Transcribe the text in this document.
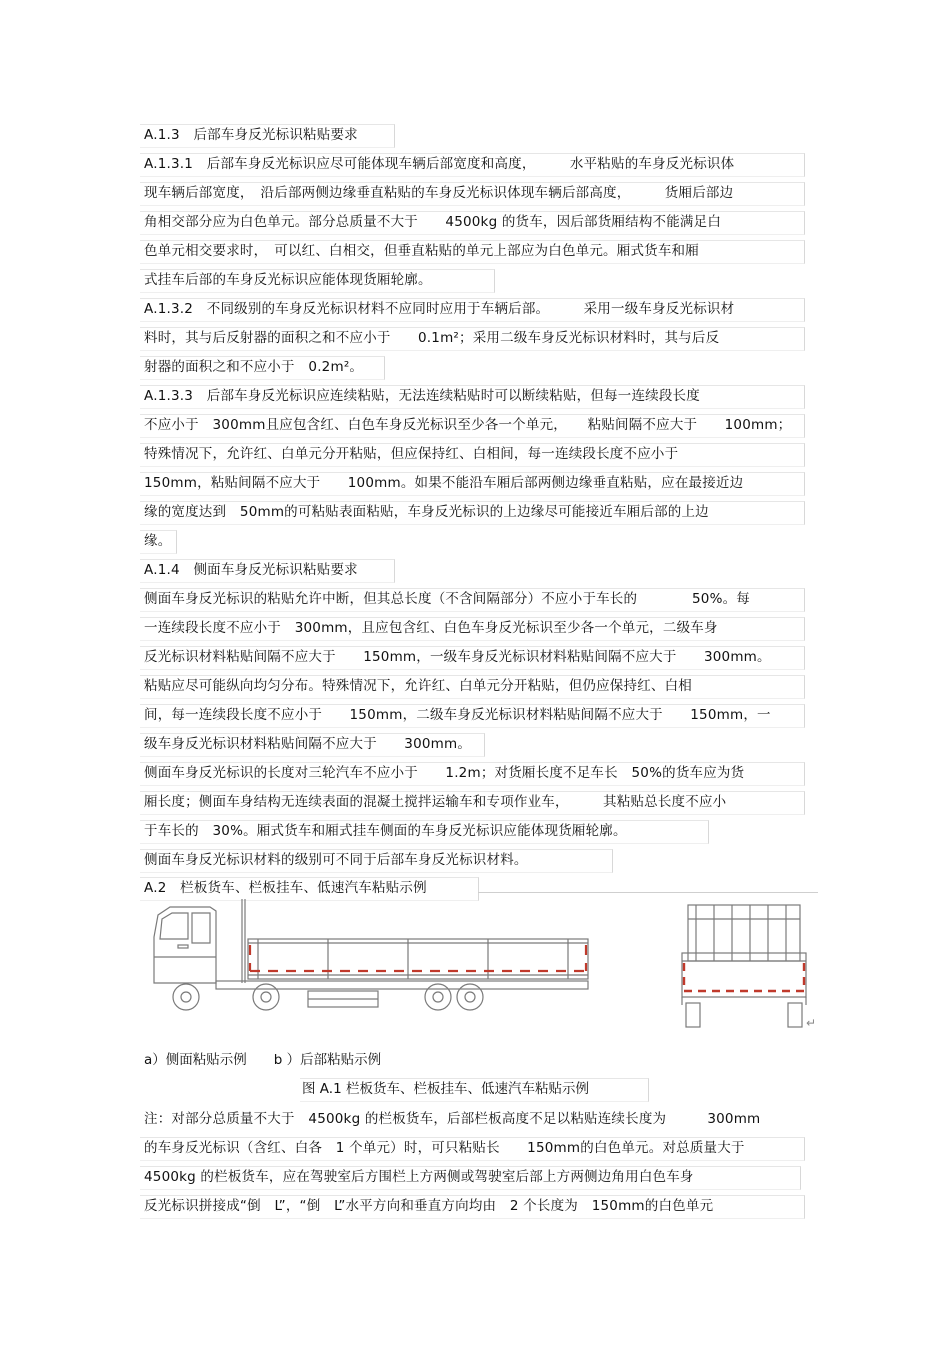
A.1.3　后部车身反光标识粘贴要求
A.1.3.1　后部车身反光标识应尽可能体现车辆后部宽度和高度，　　　水平粘贴的车身反光标识体
现车辆后部宽度，　沿后部两侧边缘垂直粘贴的车身反光标识体现车辆后部高度，　　　货厢后部边
角相交部分应为白色单元。部分总质量不大于　　4500kg 的货车，因后部货厢结构不能满足白
色单元相交要求时，　可以红、白相交，但垂直粘贴的单元上部应为白色单元。厢式货车和厢
式挂车后部的车身反光标识应能体现货厢轮廓。
A.1.3.2　不同级别的车身反光标识材料不应同时应用于车辆后部。　　　采用一级车身反光标识材
料时，其与后反射器的面积之和不应小于　　0.1m²；采用二级车身反光标识材料时，其与后反
射器的面积之和不应小于　0.2m²。
A.1.3.3　后部车身反光标识应连续粘贴，无法连续粘贴时可以断续粘贴，但每一连续段长度
不应小于　300mm且应包含红、白色车身反光标识至少各一个单元，　　粘贴间隔不应大于　　100mm；
特殊情况下，允许红、白单元分开粘贴，但应保持红、白相间，每一连续段长度不应小于
150mm，粘贴间隔不应大于　　100mm。如果不能沿车厢后部两侧边缘垂直粘贴，应在最接近边
缘的宽度达到　50mm的可粘贴表面粘贴，车身反光标识的上边缘尽可能接近车厢后部的上边
缘。
A.1.4　侧面车身反光标识粘贴要求
侧面车身反光标识的粘贴允许中断，但其总长度（不含间隔部分）不应小于车长的　　　　50%。每
一连续段长度不应小于　300mm，且应包含红、白色车身反光标识至少各一个单元，二级车身
反光标识材料粘贴间隔不应大于　　150mm，一级车身反光标识材料粘贴间隔不应大于　　300mm。
粘贴应尽可能纵向均匀分布。特殊情况下，允许红、白单元分开粘贴，但仍应保持红、白相
间，每一连续段长度不应小于　　150mm，二级车身反光标识材料粘贴间隔不应大于　　150mm，一
级车身反光标识材料粘贴间隔不应大于　　300mm。
侧面车身反光标识的长度对三轮汽车不应小于　　1.2m；对货厢长度不足车长　50%的货车应为货
厢长度；侧面车身结构无连续表面的混凝土搅拌运输车和专项作业车，　　　其粘贴总长度不应小
于车长的　30%。厢式货车和厢式挂车侧面的车身反光标识应能体现货厢轮廓。
侧面车身反光标识材料的级别可不同于后部车身反光标识材料。
A.2　栏板货车、栏板挂车、低速汽车粘贴示例
↵
a）侧面粘贴示例　　b ）后部粘贴示例
图 A.1 栏板货车、栏板挂车、低速汽车粘贴示例
注：对部分总质量不大于　4500kg 的栏板货车，后部栏板高度不足以粘贴连续长度为　　　300mm
的车身反光标识（含红、白各　1 个单元）时，可只粘贴长　　150mm的白色单元。对总质量大于
4500kg 的栏板货车，应在驾驶室后方围栏上方两侧或驾驶室后部上方两侧边角用白色车身
反光标识拼接成“倒　L”，“倒　L”水平方向和垂直方向均由　2 个长度为　150mm的白色单元
